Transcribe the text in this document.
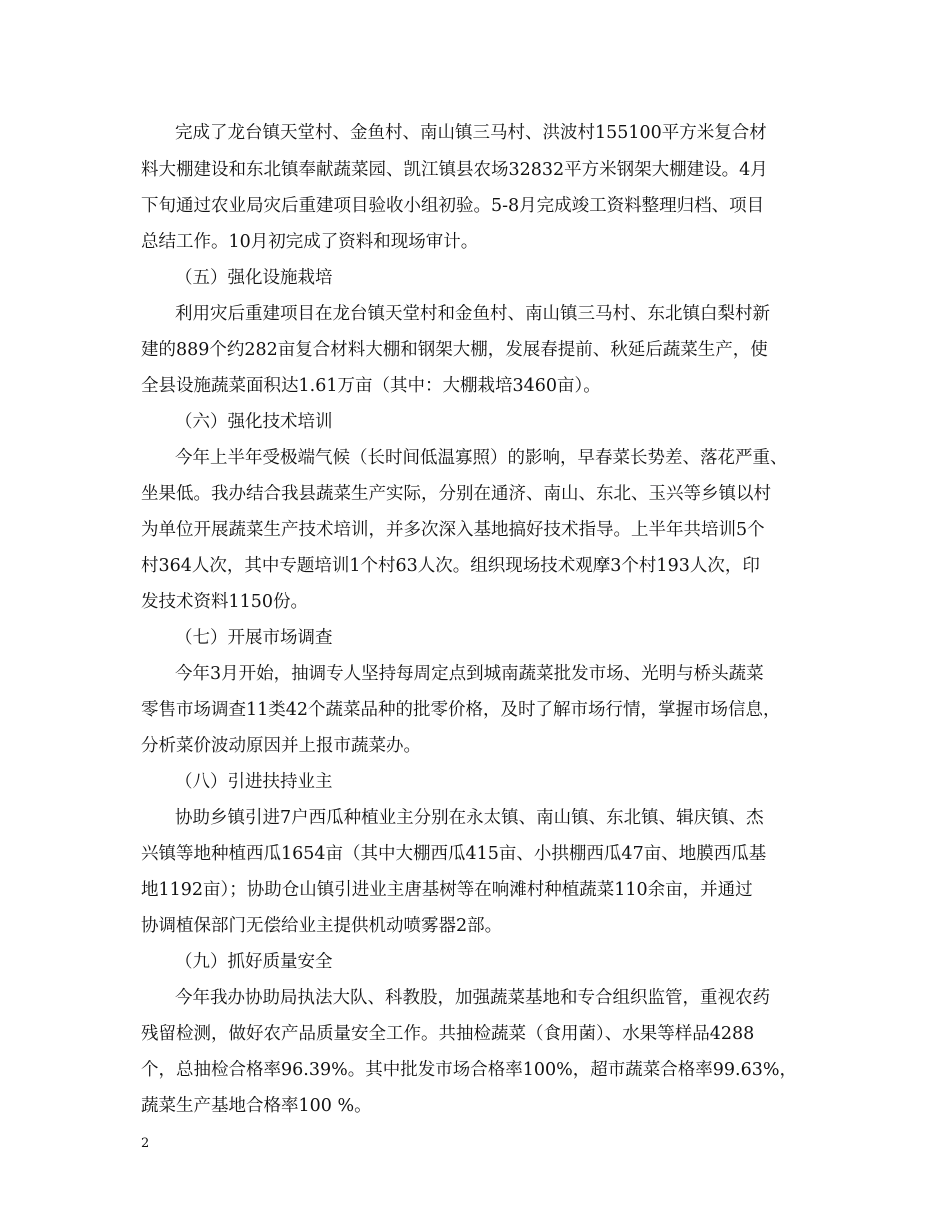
完成了龙台镇天堂村、金鱼村、南山镇三马村、洪波村155100平方米复合材
料大棚建设和东北镇奉献蔬菜园、凯江镇县农场32832平方米钢架大棚建设。4月
下旬通过农业局灾后重建项目验收小组初验。5-8月完成竣工资料整理归档、项目
总结工作。10月初完成了资料和现场审计。
（五）强化设施栽培
利用灾后重建项目在龙台镇天堂村和金鱼村、南山镇三马村、东北镇白梨村新
建的889个约282亩复合材料大棚和钢架大棚，发展春提前、秋延后蔬菜生产，使
全县设施蔬菜面积达1.61万亩（其中：大棚栽培3460亩）。
（六）强化技术培训
今年上半年受极端气候（长时间低温寡照）的影响，早春菜长势差、落花严重、
坐果低。我办结合我县蔬菜生产实际，分别在通济、南山、东北、玉兴等乡镇以村
为单位开展蔬菜生产技术培训，并多次深入基地搞好技术指导。上半年共培训5个
村364人次，其中专题培训1个村63人次。组织现场技术观摩3个村193人次，印
发技术资料1150份。
（七）开展市场调查
今年3月开始，抽调专人坚持每周定点到城南蔬菜批发市场、光明与桥头蔬菜
零售市场调查11类42个蔬菜品种的批零价格，及时了解市场行情，掌握市场信息，
分析菜价波动原因并上报市蔬菜办。
（八）引进扶持业主
协助乡镇引进7户西瓜种植业主分别在永太镇、南山镇、东北镇、辑庆镇、杰
兴镇等地种植西瓜1654亩（其中大棚西瓜415亩、小拱棚西瓜47亩、地膜西瓜基
地1192亩）；协助仓山镇引进业主唐基树等在响滩村种植蔬菜110余亩，并通过
协调植保部门无偿给业主提供机动喷雾器2部。
（九）抓好质量安全
今年我办协助局执法大队、科教股，加强蔬菜基地和专合组织监管，重视农药
残留检测，做好农产品质量安全工作。共抽检蔬菜（食用菌）、水果等样品4288
个，总抽检合格率96.39%。其中批发市场合格率100%，超市蔬菜合格率99.63%，
蔬菜生产基地合格率100 %。
2
